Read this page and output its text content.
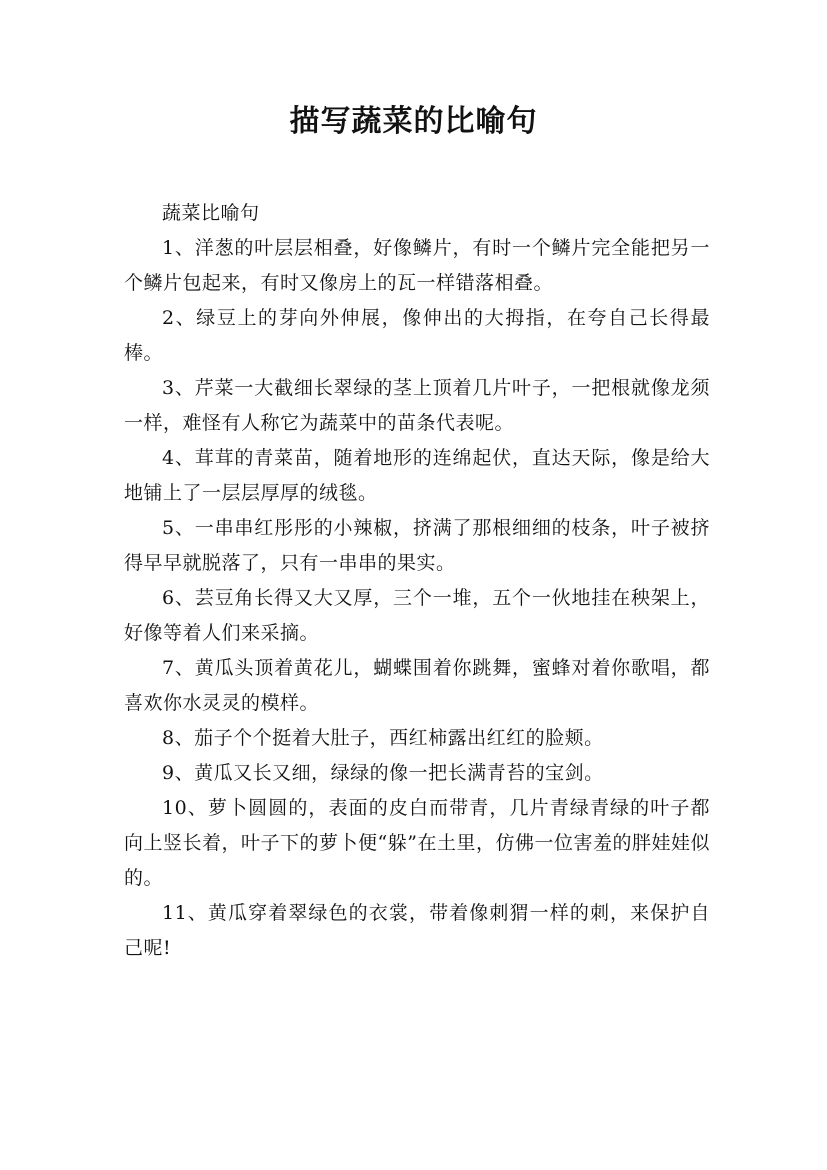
描写蔬菜的比喻句

蔬菜比喻句

1、洋葱的叶层层相叠，好像鳞片，有时一个鳞片完全能把另一个鳞片包起来，有时又像房上的瓦一样错落相叠。

2、绿豆上的芽向外伸展，像伸出的大拇指，在夸自己长得最棒。

3、芹菜一大截细长翠绿的茎上顶着几片叶子，一把根就像龙须一样，难怪有人称它为蔬菜中的苗条代表呢。

4、茸茸的青菜苗，随着地形的连绵起伏，直达天际，像是给大地铺上了一层层厚厚的绒毯。

5、一串串红彤彤的小辣椒，挤满了那根细细的枝条，叶子被挤得早早就脱落了，只有一串串的果实。

6、芸豆角长得又大又厚，三个一堆，五个一伙地挂在秧架上，好像等着人们来采摘。

7、黄瓜头顶着黄花儿，蝴蝶围着你跳舞，蜜蜂对着你歌唱，都喜欢你水灵灵的模样。

8、茄子个个挺着大肚子，西红柿露出红红的脸颊。

9、黄瓜又长又细，绿绿的像一把长满青苔的宝剑。

10、萝卜圆圆的，表面的皮白而带青，几片青绿青绿的叶子都向上竖长着，叶子下的萝卜便“躲”在土里，仿佛一位害羞的胖娃娃似的。

11、黄瓜穿着翠绿色的衣裳，带着像刺猬一样的刺，来保护自己呢!
